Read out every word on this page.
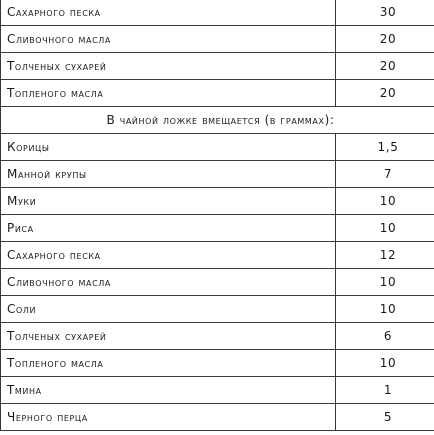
Сахарного песка	30
Сливочного масла	20
Толченых сухарей	20
Топленого масла	20
В чайной ложке вмещается (в граммах):	
Корицы	1,5
Манной крупы	7
Муки	10
Риса	10
Сахарного песка	12
Сливочного масла	10
Соли	10
Толченых сухарей	6
Топленого масла	10
Тмина	1
Черного перца	5
